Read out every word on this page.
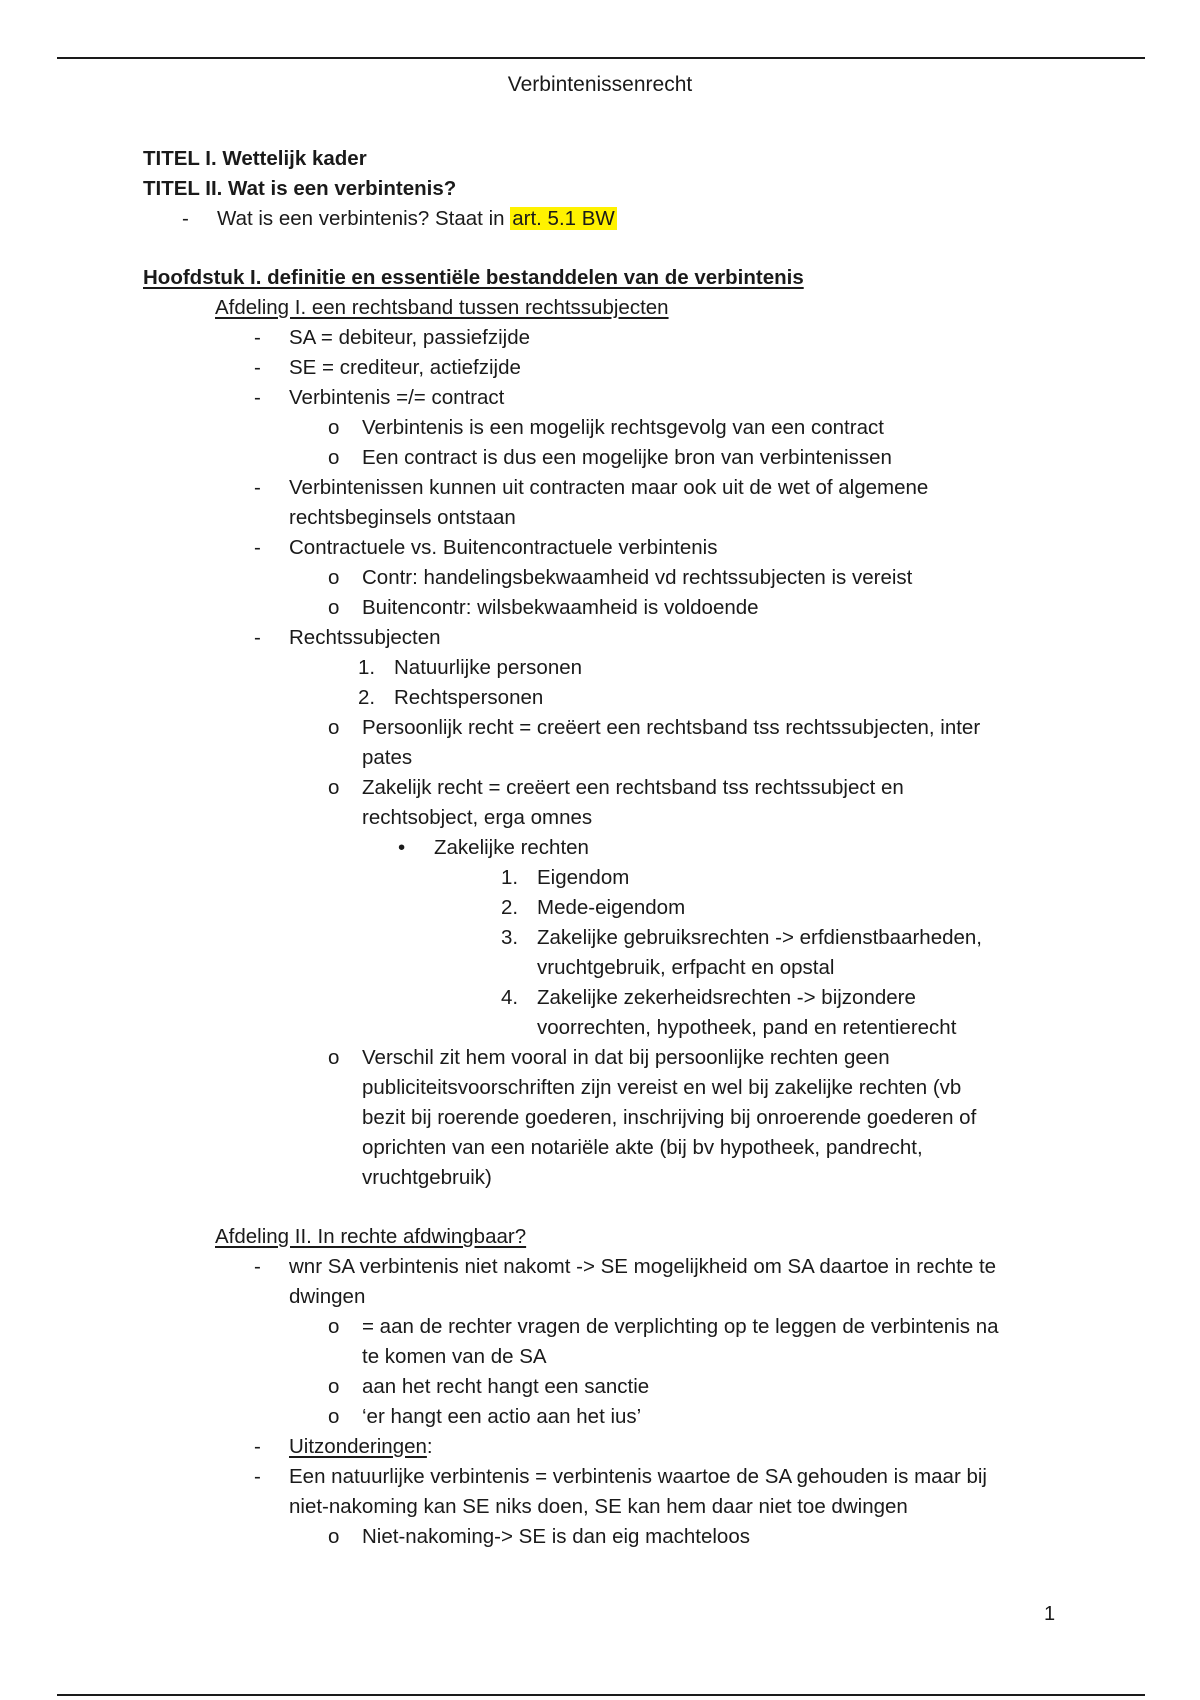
Verbintenissenrecht
TITEL I. Wettelijk kader
TITEL II. Wat is een verbintenis?
- Wat is een verbintenis? Staat in art. 5.1 BW
Hoofdstuk I. definitie en essentiële bestanddelen van de verbintenis
Afdeling I. een rechtsband tussen rechtssubjecten
- SA = debiteur, passiefzijde
- SE = crediteur, actiefzijde
- Verbintenis =/= contract
o Verbintenis is een mogelijk rechtsgevolg van een contract
o Een contract is dus een mogelijke bron van verbintenissen
- Verbintenissen kunnen uit contracten maar ook uit de wet of algemene
rechtsbeginsels ontstaan
- Contractuele vs. Buitencontractuele verbintenis
o Contr: handelingsbekwaamheid vd rechtssubjecten is vereist
o Buitencontr: wilsbekwaamheid is voldoende
- Rechtssubjecten
1. Natuurlijke personen
2. Rechtspersonen
o Persoonlijk recht = creëert een rechtsband tss rechtssubjecten, inter
pates
o Zakelijk recht = creëert een rechtsband tss rechtssubject en
rechtsobject, erga omnes
• Zakelijke rechten
1. Eigendom
2. Mede-eigendom
3. Zakelijke gebruiksrechten -> erfdienstbaarheden,
vruchtgebruik, erfpacht en opstal
4. Zakelijke zekerheidsrechten -> bijzondere
voorrechten, hypotheek, pand en retentierecht
o Verschil zit hem vooral in dat bij persoonlijke rechten geen
publiciteitsvoorschriften zijn vereist en wel bij zakelijke rechten (vb
bezit bij roerende goederen, inschrijving bij onroerende goederen of
oprichten van een notariële akte (bij bv hypotheek, pandrecht,
vruchtgebruik)
Afdeling II. In rechte afdwingbaar?
- wnr SA verbintenis niet nakomt -> SE mogelijkheid om SA daartoe in rechte te
dwingen
o = aan de rechter vragen de verplichting op te leggen de verbintenis na
te komen van de SA
o aan het recht hangt een sanctie
o ‘er hangt een actio aan het ius’
- Uitzonderingen:
- Een natuurlijke verbintenis = verbintenis waartoe de SA gehouden is maar bij
niet-nakoming kan SE niks doen, SE kan hem daar niet toe dwingen
o Niet-nakoming-> SE is dan eig machteloos
1
